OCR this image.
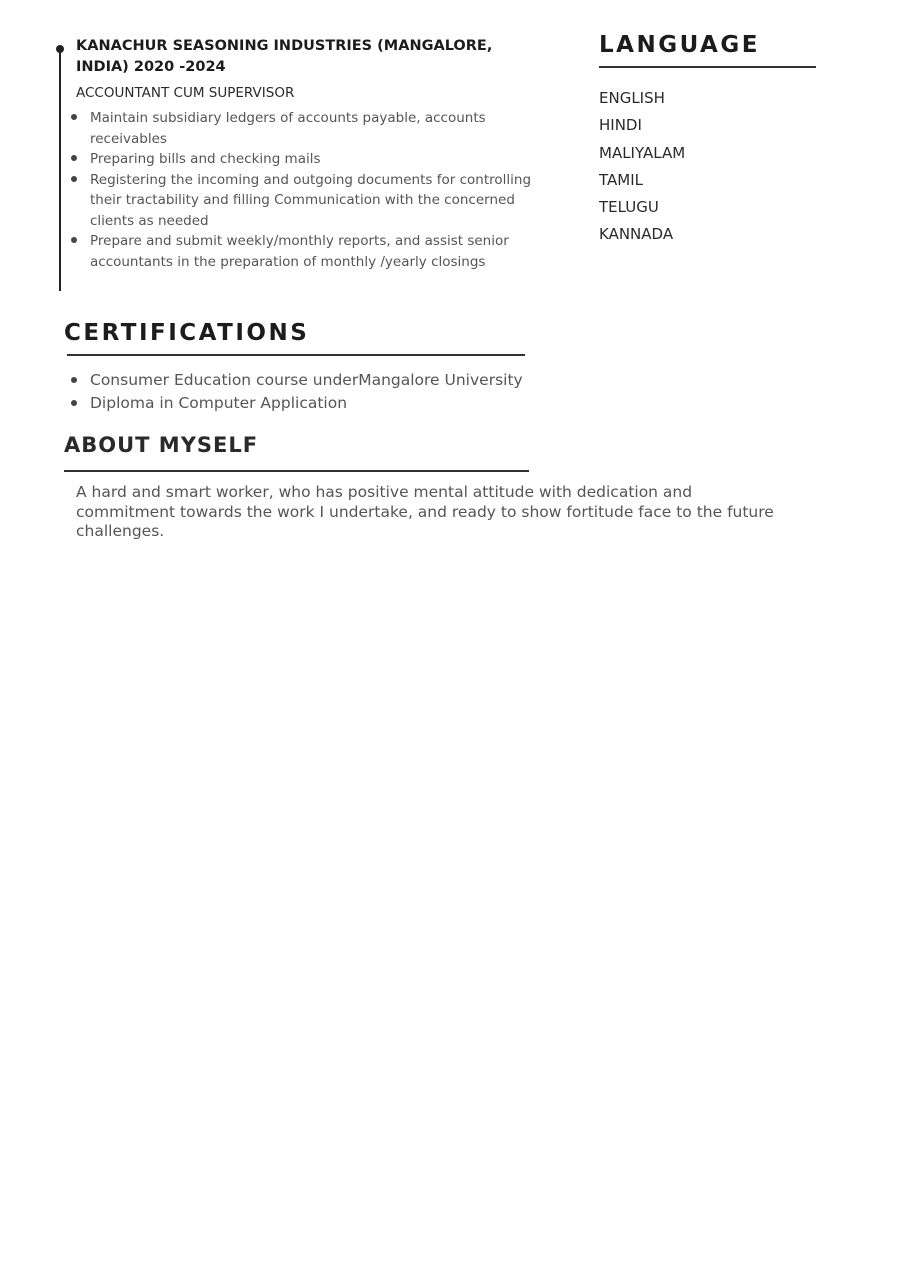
KANACHUR SEASONING INDUSTRIES (MANGALORE, INDIA) 2020 -2024

ACCOUNTANT CUM SUPERVISOR

Maintain subsidiary ledgers of accounts payable, accounts receivables
Preparing bills and checking mails
Registering the incoming and outgoing documents for controlling their tractability and filling Communication with the concerned clients as needed
Prepare and submit weekly/monthly reports, and assist senior accountants in the preparation of monthly /yearly closings
LANGUAGE
ENGLISH
HINDI
MALIYALAM
TAMIL
TELUGU
KANNADA
CERTIFICATIONS
Consumer Education course underMangalore University
Diploma in Computer Application
ABOUT MYSELF

A hard and smart worker, who has positive mental attitude with dedication and commitment towards the work I undertake, and ready to show fortitude face to the future challenges.
